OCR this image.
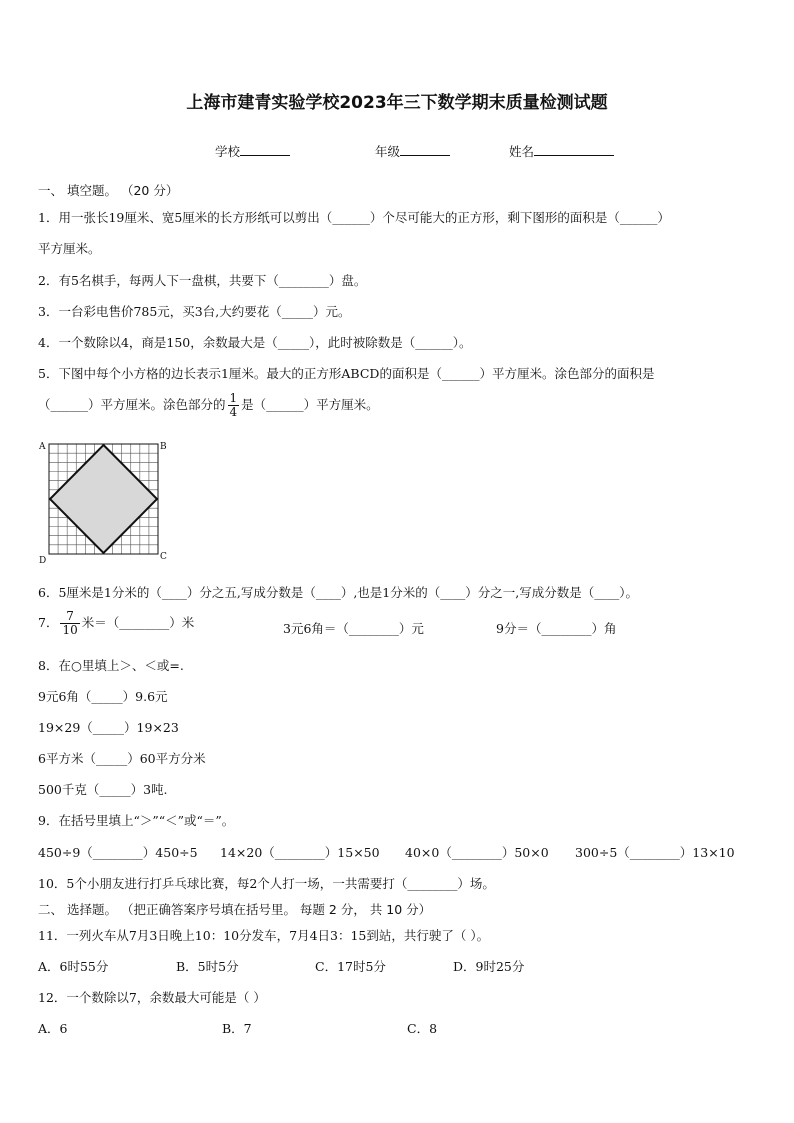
上海市建青实验学校2023年三下数学期末质量检测试题
学校	年级	姓名
一、 填空题。 （20 分）
1．用一张长19厘米、宽5厘米的长方形纸可以剪出（______）个尽可能大的正方形，剩下图形的面积是（______）
平方厘米。
2．有5名棋手，每两人下一盘棋，共要下（________）盘。
3．一台彩电售价785元，买3台,大约要花（_____）元。
4．一个数除以4，商是150，余数最大是（_____），此时被除数是（______）。
5．下图中每个小方格的边长表示1厘米。最大的正方形ABCD的面积是（______）平方厘米。涂色部分的面积是
（______）平方厘米。涂色部分的 $\frac{1}{4}$ 是（______）平方厘米。
A	B
C
D
6．5厘米是1分米的（____）分之五,写成分数是（____）,也是1分米的（____）分之一,写成分数是（____）。
7． $\frac{7}{10}$ 米＝（________）米	3元6角＝（________）元	9分＝（________）角
8．在○里填上＞、＜或=.
9元6角（_____）9.6元
19×29（_____）19×23
6平方米（_____）60平方分米
500千克（_____）3吨.
9．在括号里填上“＞”“＜”或“＝”。
450÷9（________）450÷5 14×20（________）15×50 40×0（________）50×0 300÷5（________）13×10
10．5个小朋友进行打乒乓球比赛，每2个人打一场，一共需要打（________）场。
二、 选择题。 （把正确答案序号填在括号里。 每题 2 分， 共 10 分）
11．一列火车从7月3日晚上10：10分发车，7月4日3：15到站，共行驶了（ ）。
A．6时55分	B．5时5分	C．17时5分	D．9时25分
12．一个数除以7，余数最大可能是（ ）
A．6	B．7	C．8
